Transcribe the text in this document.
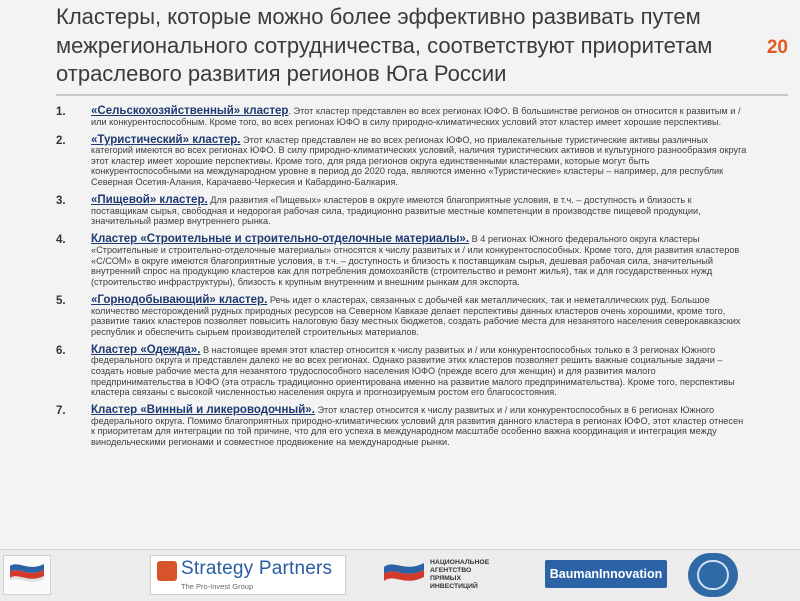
Кластеры, которые можно более эффективно развивать путем межрегионального сотрудничества, соответствуют приоритетам отраслевого развития регионов Юга России
20
1. «Сельскохозяйственный» кластер. Этот кластер представлен во всех регионах ЮФО. В большинстве регионов он относится к развитым и / или конкурентоспособным. Кроме того, во всех регионах ЮФО в силу природно-климатических условий этот кластер имеет хорошие перспективы.

2. «Туристический» кластер. Этот кластер представлен не во всех регионах ЮФО, но привлекательные туристические активы различных категорий имеются во всех регионах ЮФО. В силу природно-климатических условий, наличия туристических активов и культурного разнообразия округа этот кластер имеет хорошие перспективы. Кроме того, для ряда регионов округа единственными кластерами, которые могут быть конкурентоспособными на международном уровне в период до 2020 года, являются именно «Туристические» кластеры – например, для республик Северная Осетия-Алания, Карачаево-Черкесия и Кабардино-Балкария.

3. «Пищевой» кластер. Для развития «Пищевых» кластеров в округе имеются благоприятные условия, в т.ч. – доступность и близость к поставщикам сырья, свободная и недорогая рабочая сила, традиционно развитые местные компетенции в производстве пищевой продукции, значительный размер внутреннего рынка.

4. Кластер «Строительные и строительно-отделочные материалы». В 4 регионах Южного федерального округа кластеры «Строительные и строительно-отделочные материалы» относятся к числу развитых и / или конкурентоспособных. Кроме того, для развития кластеров «С/СОМ» в округе имеются благоприятные условия, в т.ч. – доступность и близость к поставщикам сырья, дешевая рабочая сила, значительный внутренний спрос на продукцию кластеров как для потребления домохозяйств (строительство и ремонт жилья), так и для государственных нужд (строительство инфраструктуры), близость к крупным внутренним и внешним рынкам для экспорта.

5. «Горнодобывающий» кластер. Речь идет о кластерах, связанных с добычей как металлических, так и неметаллических руд. Большое количество месторождений рудных природных ресурсов на Северном Кавказе делает перспективы данных кластеров очень хорошими, кроме того, развитие таких кластеров позволяет повысить налоговую базу местных бюджетов, создать рабочие места для незанятого населения северокавказских республик и обеспечить сырьем производителей строительных материалов.

6. Кластер «Одежда». В настоящее время этот кластер относится к числу развитых и / или конкурентоспособных только в 3 регионах Южного федерального округа и представлен далеко не во всех регионах. Однако развитие этих кластеров позволяет решить важные социальные задачи – создать новые рабочие места для незанятого трудоспособного населения ЮФО (прежде всего для женщин) и для развития малого предпринимательства в ЮФО (эта отрасль традиционно ориентирована именно на развитие малого предпринимательства). Кроме того, перспективы кластера связаны с высокой численностью населения округа и прогнозируемым ростом его благосостояния.

7. Кластер «Винный и ликероводочный». Этот кластер относится к числу развитых и / или конкурентоспособных в 6 регионах Южного федерального округа. Помимо благоприятных природно-климатических условий для развития данного кластера в регионах ЮФО, этот кластер отнесен к приоритетам для интеграции по той причине, что для его успеха в международном масштабе особенно важна координация и интеграция между винодельческими регионами и совместное продвижение на международные рынки.

Strategy Partners
The Pro-Invest Group
НАЦИОНАЛЬНОЕ
АГЕНТСТВО
ПРЯМЫХ
ИНВЕСТИЦИЙ
BaumanInnovation
